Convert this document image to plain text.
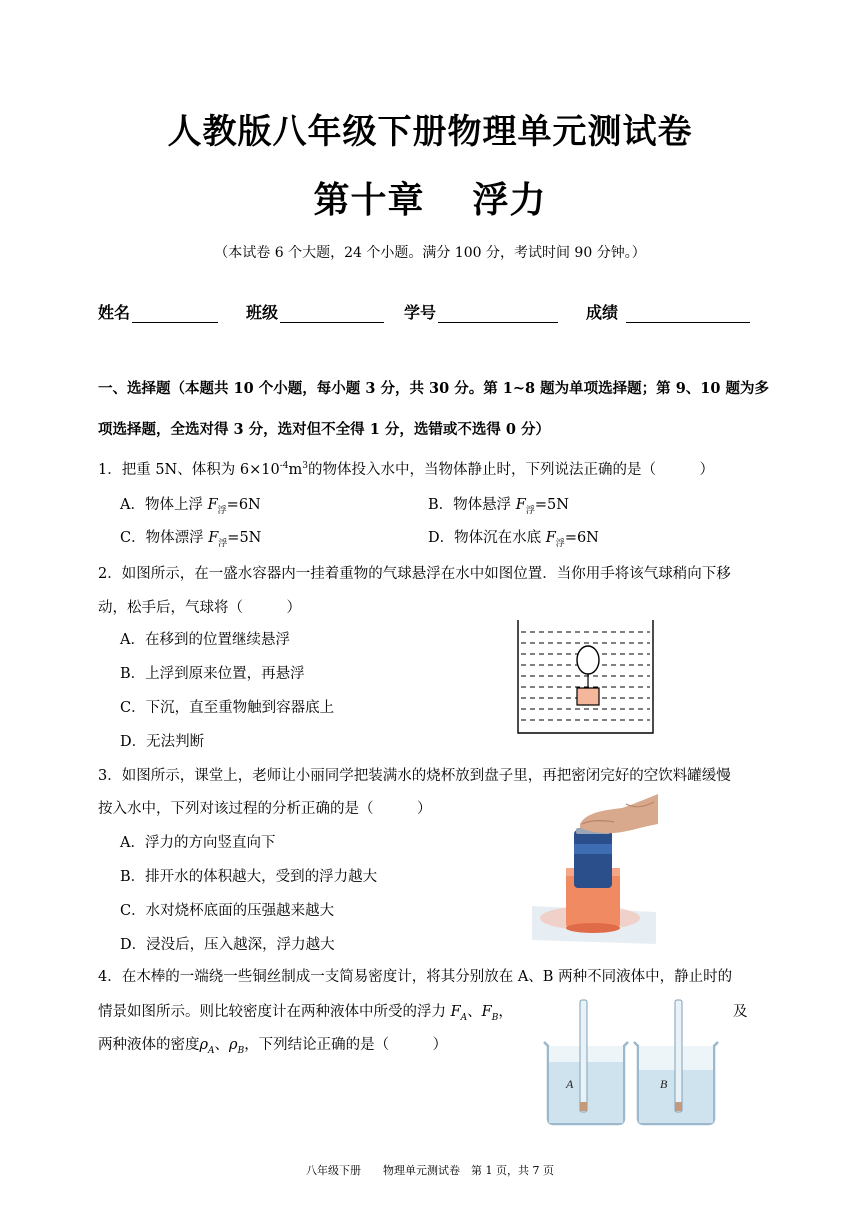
人教版八年级下册物理单元测试卷
第十章 浮力
（本试卷 6 个大题，24 个小题。满分 100 分，考试时间 90 分钟。）
姓名	班级	学号	成绩
一、选择题（本题共 10 个小题，每小题 3 分，共 30 分。第 1~8 题为单项选择题；第 9、10 题为多
项选择题，全选对得 3 分，选对但不全得 1 分，选错或不选得 0 分）
1．把重 5N、体积为 $6\times 10^{-4}m^3$的物体投入水中，当物体静止时，下列说法正确的是（　　　）
A．物体上浮 $F_浮=6N$	B．物体悬浮 $F_浮=5N$
C．物体漂浮 $F_浮=5N$	D．物体沉在水底 $F_浮=6N$
2．如图所示，在一盛水容器内一挂着重物的气球悬浮在水中如图位置．当你用手将该气球稍向下移
动，松手后，气球将（　　　）
A．在移到的位置继续悬浮
B．上浮到原来位置，再悬浮
C．下沉，直至重物触到容器底上
D．无法判断
3．如图所示，课堂上，老师让小丽同学把装满水的烧杯放到盘子里，再把密闭完好的空饮料罐缓慢
按入水中，下列对该过程的分析正确的是（　　　）
A．浮力的方向竖直向下
B．排开水的体积越大，受到的浮力越大
C．水对烧杯底面的压强越来越大
D．浸没后，压入越深，浮力越大
4．在木棒的一端绕一些铜丝制成一支简易密度计，将其分别放在 A、B 两种不同液体中，静止时的
情景如图所示。则比较密度计在两种液体中所受的浮力 $F_A$、$F_B$，	及
两种液体的密度$\rho_A$、$\rho_B$，下列结论正确的是（　　　）
A	B
八年级下册　　物理单元测试卷　第 1 页，共 7 页
